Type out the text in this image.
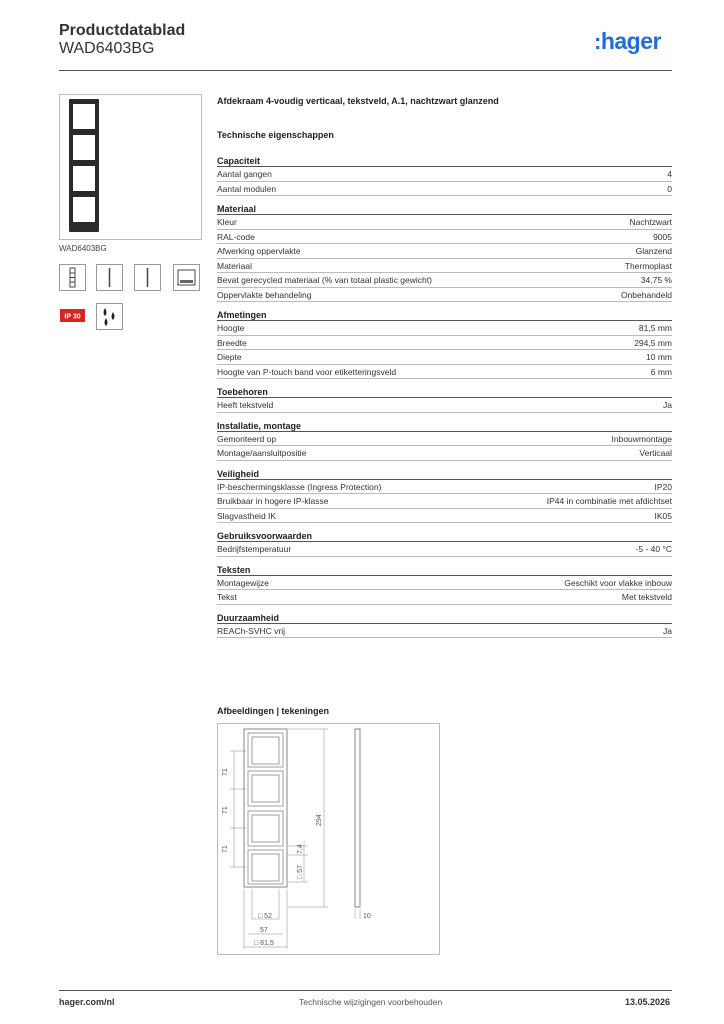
Productdatablad
WAD6403BG	:hager
WAD6403BG
IP 30
Afdekraam 4-voudig verticaal, tekstveld, A.1, nachtzwart glanzend
Technische eigenschappen
Capaciteit
Aantal gangen	4
Aantal modulen	0
Materiaal
Kleur	Nachtzwart
RAL-code	9005
Afwerking oppervlakte	Glanzend
Materiaal	Thermoplast
Bevat gerecycled materiaal (% van totaal plastic gewicht)	34,75 %
Oppervlakte behandeling	Onbehandeld
Afmetingen
Hoogte	81,5 mm
Breedte	294,5 mm
Diepte	10 mm
Hoogte van P-touch band voor etiketteringsveld	6 mm
Toebehoren
Heeft tekstveld	Ja
Installatie, montage
Gemonteerd op	Inbouwmontage
Montage/aansluitpositie	Verticaal
Veiligheid
IP-beschermingsklasse (Ingress Protection)	IP20
Bruikbaar in hogere IP-klasse	IP44 in combinatie met afdichtset
Slagvastheid IK	IK05
Gebruiksvoorwaarden
Bedrijfstemperatuur	-5 - 40 °C
Teksten
Montagewijze	Geschikt voor vlakke inbouw
Tekst	Met tekstveld
Duurzaamheid
REACh-SVHC vrij	Ja
Afbeeldingen | tekeningen
71
71
71
294
7,4
□ 57
□ 52
57
□ 81,5
10
hager.com/nl	Technische wijzigingen voorbehouden	13.05.2026
